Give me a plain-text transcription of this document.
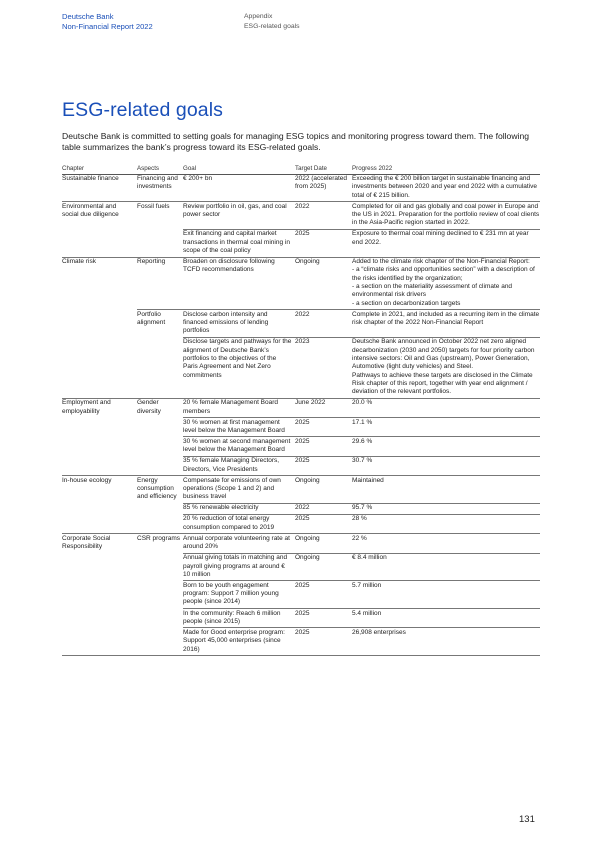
Deutsche Bank
Non-Financial Report 2022
Appendix
ESG-related goals
ESG-related goals

Deutsche Bank is committed to setting goals for managing ESG topics and monitoring progress toward them. The following table summarizes the bank’s progress toward its ESG-related goals.

Chapter	Aspects	Goal	Target Date	Progress 2022
Sustainable finance	Financing and investments	€ 200+ bn	2022 (accelerated from 2025)	Exceeding the € 200 billion target in sustainable financing and investments between 2020 and year end 2022 with a cumulative total of € 215 billion.
Environmental and social due diligence	Fossil fuels	Review portfolio in oil, gas, and coal power sector	2022	Completed for oil and gas globally and coal power in Europe and the US in 2021. Preparation for the portfolio review of coal clients in the Asia-Pacific region started in 2022.
		Exit financing and capital market transactions in thermal coal mining in scope of the coal policy	2025	Exposure to thermal coal mining declined to € 231 mn at year end 2022.
Climate risk	Reporting	Broaden on disclosure following TCFD recommendations	Ongoing	Added to the climate risk chapter of the Non-Financial Report:
- a “climate risks and opportunities section” with a description of the risks identified by the organization;
- a section on the materiality assessment of climate and environmental risk drivers
- a section on decarbonization targets
	Portfolio alignment	Disclose carbon intensity and financed emissions of lending portfolios	2022	Complete in 2021, and included as a recurring item in the climate risk chapter of the 2022 Non-Financial Report
		Disclose targets and pathways for the alignment of Deutsche Bank’s portfolios to the objectives of the Paris Agreement and Net Zero commitments	2023	Deutsche Bank announced in October 2022 net zero aligned decarbonization (2030 and 2050) targets for four priority carbon intensive sectors: Oil and Gas (upstream), Power Generation, Automotive (light duty vehicles) and Steel.
Pathways to achieve these targets are disclosed in the Climate Risk chapter of this report, together with year end alignment / deviation of the relevant portfolios.
Employment and employability	Gender diversity	20 % female Management Board members	June 2022	20.0 %
		30 % women at first management level below the Management Board	2025	17.1 %
		30 % women at second management level below the Management Board	2025	29.6 %
		35 % female Managing Directors, Directors, Vice Presidents	2025	30.7 %
In-house ecology	Energy consumption and efficiency	Compensate for emissions of own operations (Scope 1 and 2) and business travel	Ongoing	Maintained
		85 % renewable electricity	2022	95.7 %
		20 % reduction of total energy consumption compared to 2019	2025	28 %
Corporate Social Responsibility	CSR programs	Annual corporate volunteering rate at around 20%	Ongoing	22 %
		Annual giving totals in matching and payroll giving programs at around € 10 million	Ongoing	€ 8.4 million
		Born to be youth engagement program: Support 7 million young people (since 2014)	2025	5.7 million
		In the community: Reach 6 million people (since 2015)	2025	5.4 million
		Made for Good enterprise program: Support 45,000 enterprises (since 2016)	2025	26,908 enterprises
131
